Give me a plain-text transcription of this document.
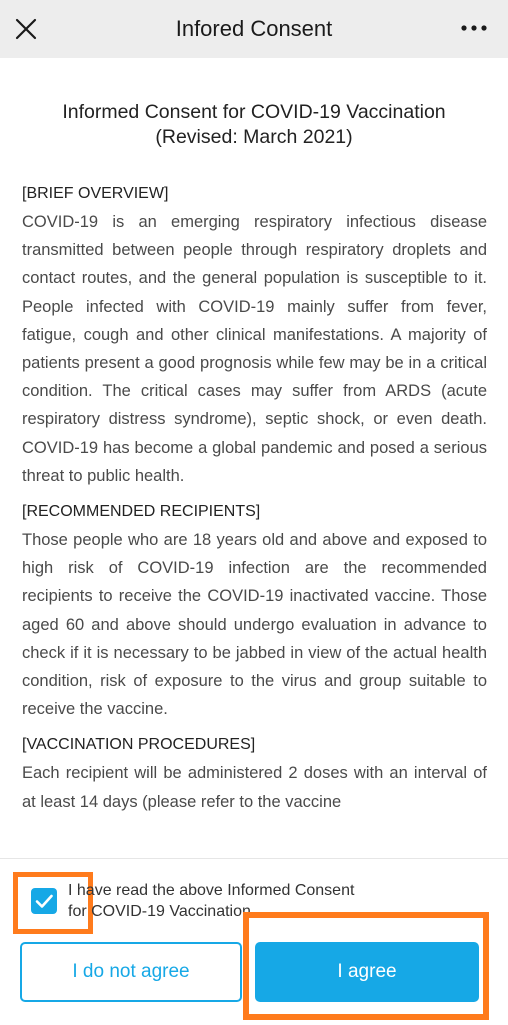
Infored Consent
Informed Consent for COVID-19 Vaccination
(Revised: March 2021)
[BRIEF OVERVIEW]
COVID-19 is an emerging respiratory infectious disease transmitted between people through respiratory droplets and contact routes, and the general population is susceptible to it. People infected with COVID-19 mainly suffer from fever, fatigue, cough and other clinical manifestations. A majority of patients present a good prognosis while few may be in a critical condition. The critical cases may suffer from ARDS (acute respiratory distress syndrome), septic shock, or even death. COVID-19 has become a global pandemic and posed a serious threat to public health.
[RECOMMENDED RECIPIENTS]
Those people who are 18 years old and above and exposed to high risk of COVID-19 infection are the recommended recipients to receive the COVID-19 inactivated vaccine. Those aged 60 and above should undergo evaluation in advance to check if it is necessary to be jabbed in view of the actual health condition, risk of exposure to the virus and group suitable to receive the vaccine.
[VACCINATION PROCEDURES]
Each recipient will be administered 2 doses with an interval of at least 14 days (please refer to the vaccine
I have read the above Informed Consent
for COVID-19 Vaccination
I do not agree	I agree
